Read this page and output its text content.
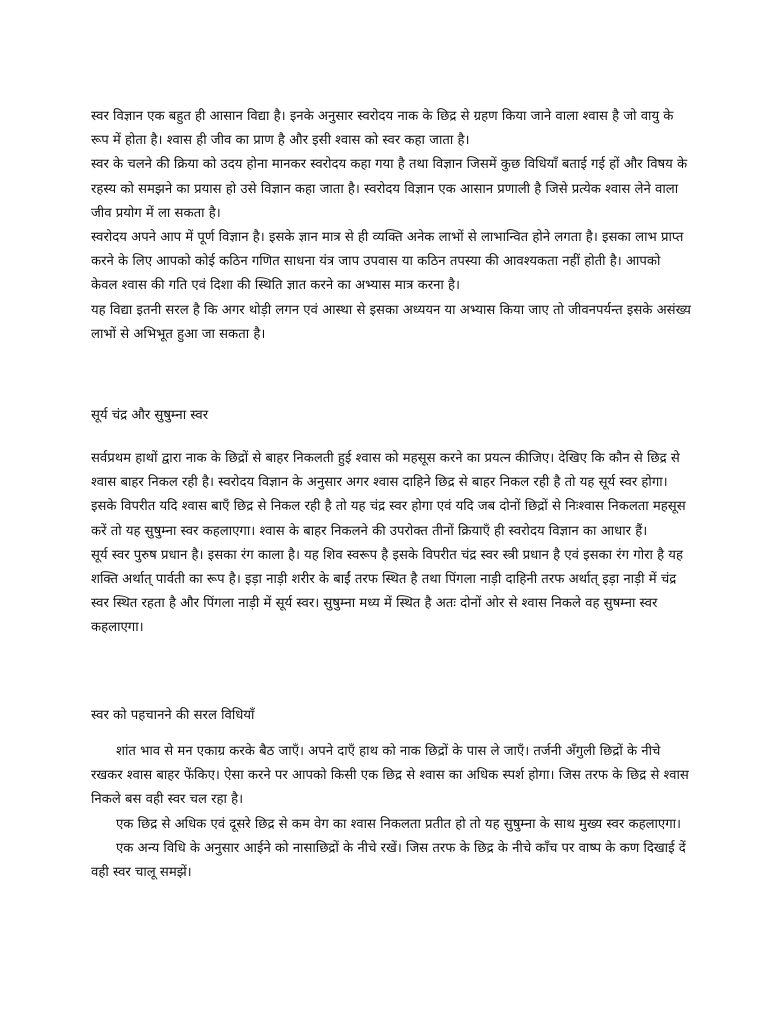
स्वर विज्ञान एक बहुत ही आसान विद्या है। इनके अनुसार स्वरोदय नाक के छिद्र से ग्रहण किया जाने वाला श्वास है जो वायु के रूप में होता है। श्वास ही जीव का प्राण है और इसी श्वास को स्वर कहा जाता है।

स्वर के चलने की क्रिया को उदय होना मानकर स्वरोदय कहा गया है तथा विज्ञान जिसमें कुछ विधियाँ बताई गई हों और विषय के रहस्य को समझने का प्रयास हो उसे विज्ञान कहा जाता है। स्वरोदय विज्ञान एक आसान प्रणाली है जिसे प्रत्येक श्वास लेने वाला जीव प्रयोग में ला सकता है।

स्वरोदय अपने आप में पूर्ण विज्ञान है। इसके ज्ञान मात्र से ही व्यक्ति अनेक लाभों से लाभान्वित होने लगता है। इसका लाभ प्राप्त करने के लिए आपको कोई कठिन गणित साधना यंत्र जाप उपवास या कठिन तपस्या की आवश्यकता नहीं होती है। आपको केवल श्वास की गति एवं दिशा की स्थिति ज्ञात करने का अभ्यास मात्र करना है।

यह विद्या इतनी सरल है कि अगर थोड़ी लगन एवं आस्था से इसका अध्ययन या अभ्यास किया जाए तो जीवनपर्यन्त इसके असंख्य लाभों से अभिभूत हुआ जा सकता है।

सूर्य चंद्र और सुषुम्ना स्वर

सर्वप्रथम हाथों द्वारा नाक के छिद्रों से बाहर निकलती हुई श्वास को महसूस करने का प्रयत्न कीजिए। देखिए कि कौन से छिद्र से श्वास बाहर निकल रही है। स्वरोदय विज्ञान के अनुसार अगर श्वास दाहिने छिद्र से बाहर निकल रही है तो यह सूर्य स्वर होगा।

इसके विपरीत यदि श्वास बाएँ छिद्र से निकल रही है तो यह चंद्र स्वर होगा एवं यदि जब दोनों छिद्रों से निःश्वास निकलता महसूस करें तो यह सुषुम्ना स्वर कहलाएगा। श्वास के बाहर निकलने की उपरोक्त तीनों क्रियाएँ ही स्वरोदय विज्ञान का आधार हैं।

सूर्य स्वर पुरुष प्रधान है। इसका रंग काला है। यह शिव स्वरूप है इसके विपरीत चंद्र स्वर स्त्री प्रधान है एवं इसका रंग गोरा है यह शक्ति अर्थात्‌ पार्वती का रूप है। इड़ा नाड़ी शरीर के बाईं तरफ स्थित है तथा पिंगला नाड़ी दाहिनी तरफ अर्थात्‌ इड़ा नाड़ी में चंद्र स्वर स्थित रहता है और पिंगला नाड़ी में सूर्य स्वर। सुषुम्ना मध्य में स्थित है अतः दोनों ओर से श्वास निकले वह सुषम्ना स्वर कहलाएगा।

स्वर को पहचानने की सरल विधियाँ

शांत भाव से मन एकाग्र करके बैठ जाएँ। अपने दाएँ हाथ को नाक छिद्रों के पास ले जाएँ। तर्जनी अँगुली छिद्रों के नीचे रखकर श्वास बाहर फेंकिए। ऐसा करने पर आपको किसी एक छिद्र से श्वास का अधिक स्पर्श होगा। जिस तरफ के छिद्र से श्वास निकले बस वही स्वर चल रहा है।

एक छिद्र से अधिक एवं दूसरे छिद्र से कम वेग का श्वास निकलता प्रतीत हो तो यह सुषुम्ना के साथ मुख्य स्वर कहलाएगा।

एक अन्य विधि के अनुसार आईने को नासाछिद्रों के नीचे रखें। जिस तरफ के छिद्र के नीचे काँच पर वाष्प के कण दिखाई दें वही स्वर चालू समझें।
